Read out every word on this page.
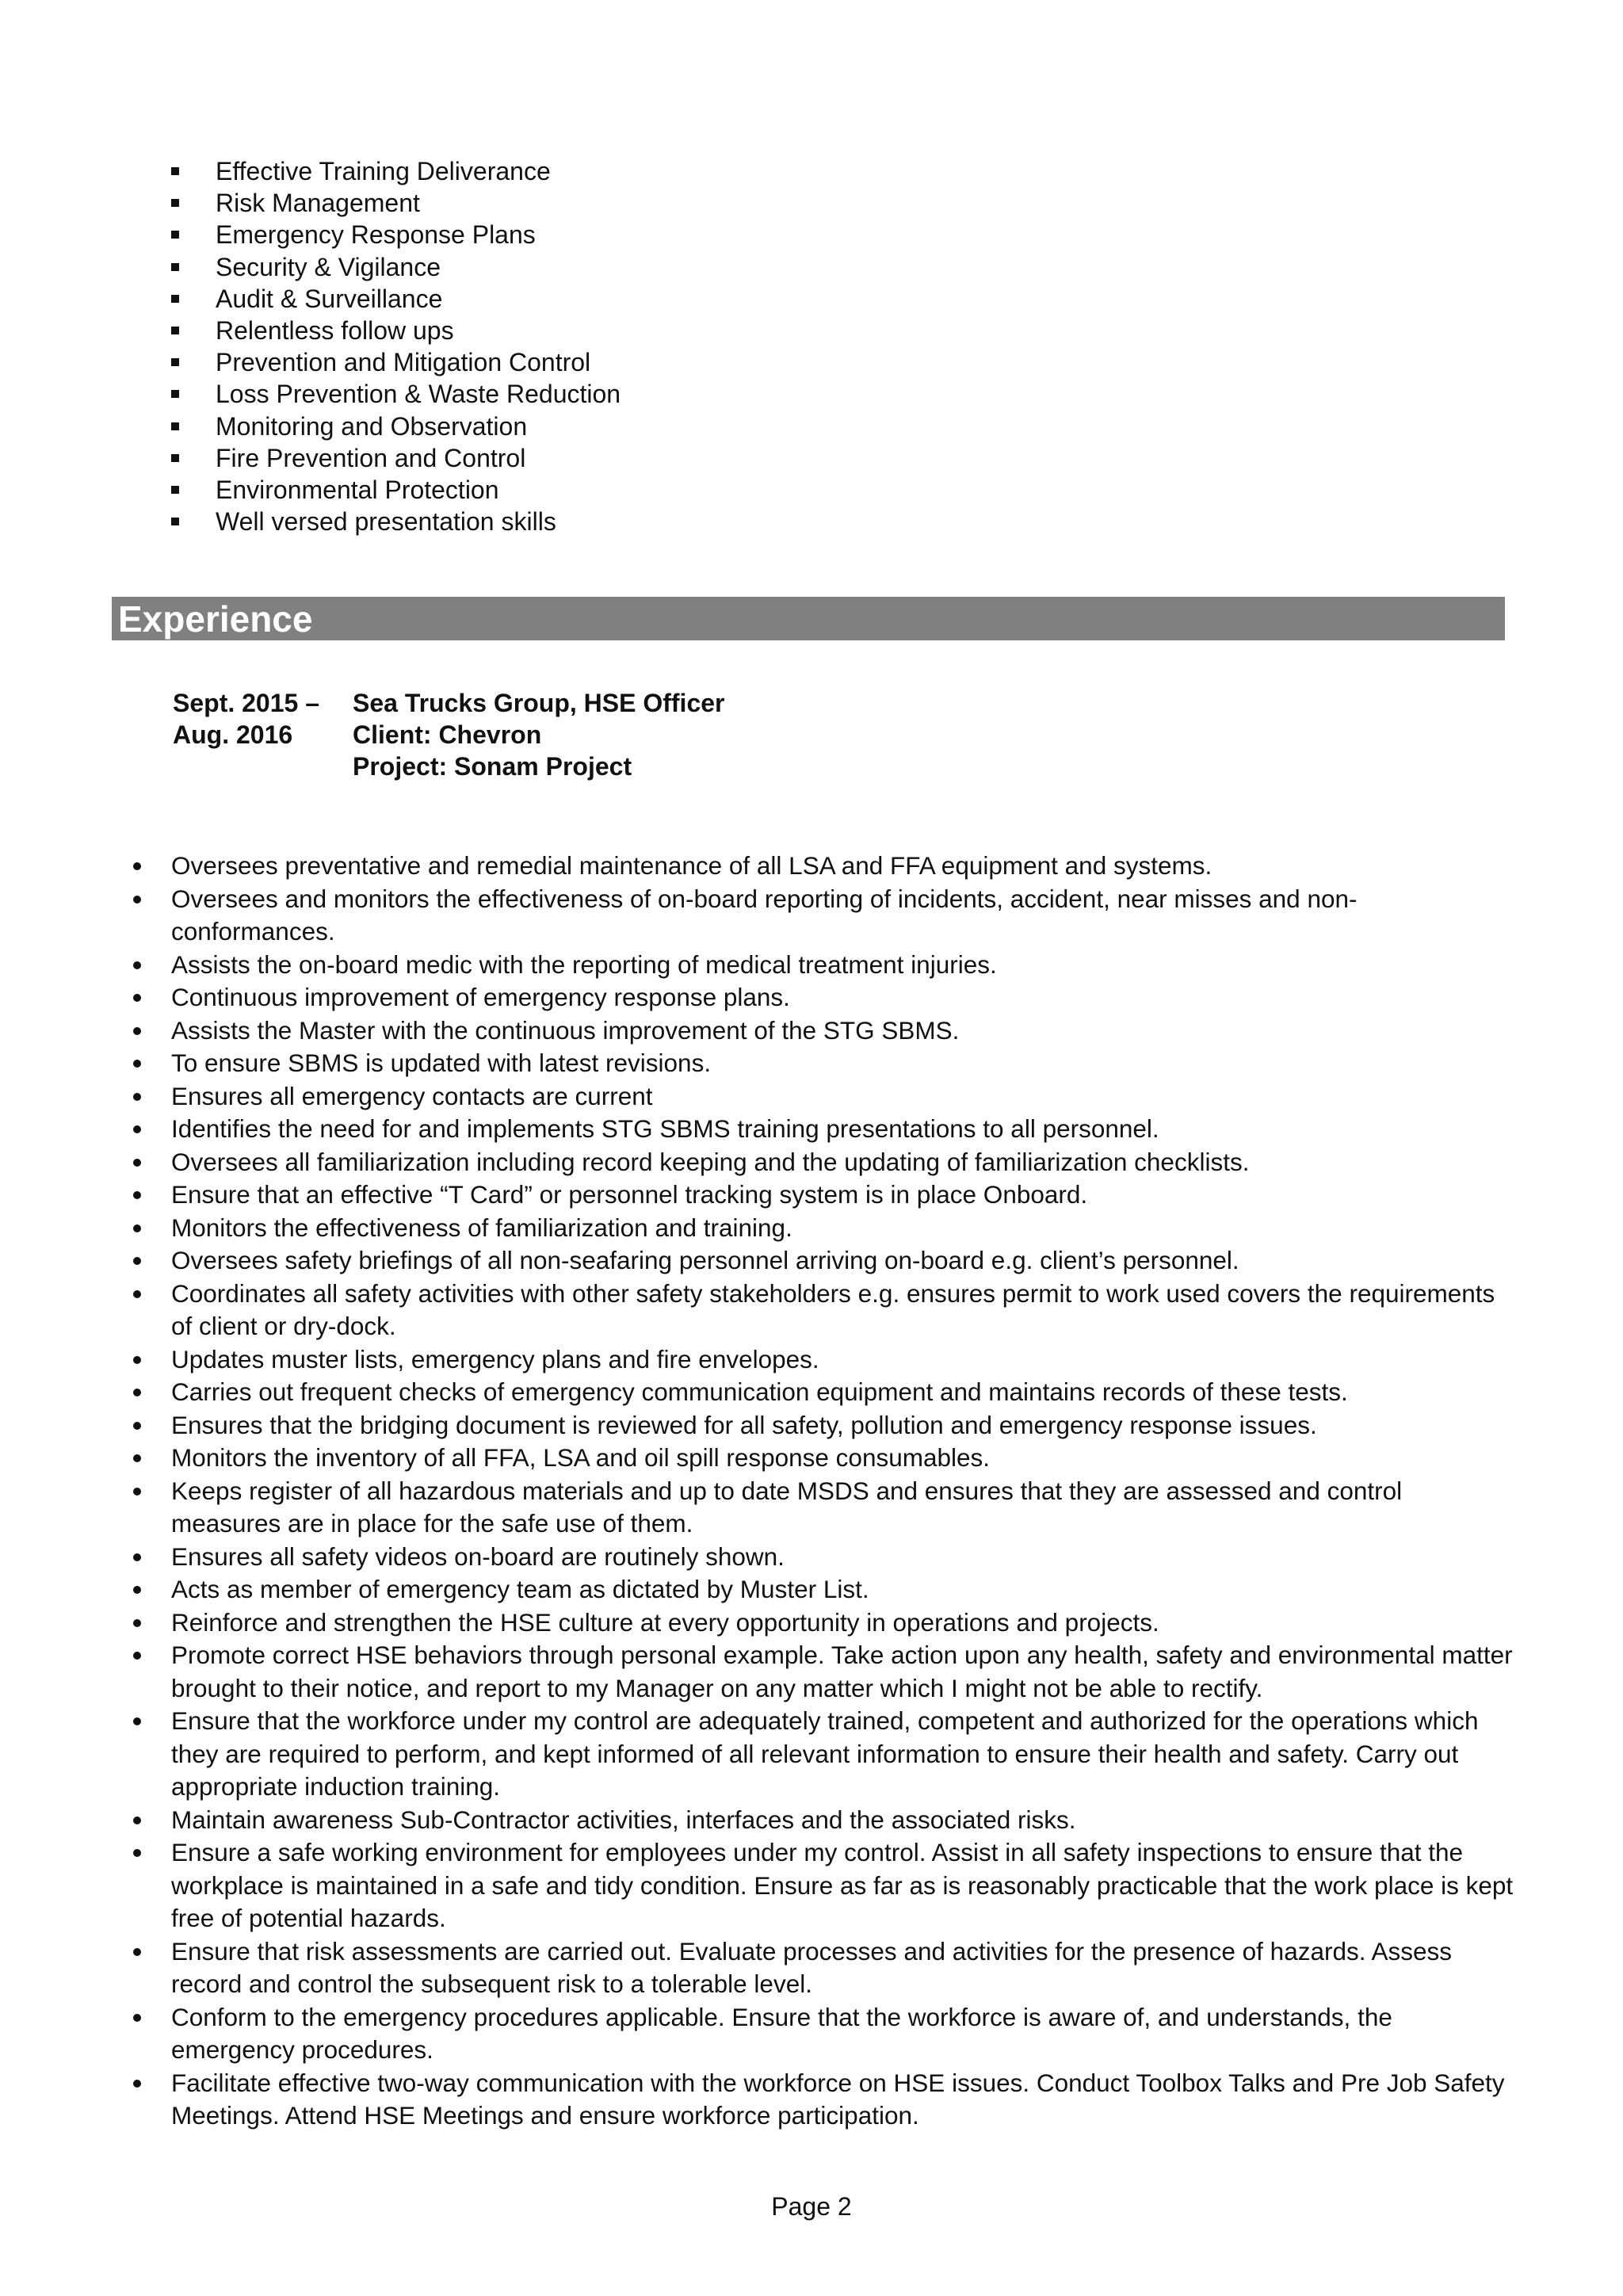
Effective Training Deliverance
Risk Management
Emergency Response Plans
Security & Vigilance
Audit & Surveillance
Relentless follow ups
Prevention and Mitigation Control
Loss Prevention & Waste Reduction
Monitoring and Observation
Fire Prevention and Control
Environmental Protection
Well versed presentation skills
Experience
Sept. 2015 –
Aug. 2016
Sea Trucks Group, HSE Officer
Client: Chevron
Project: Sonam Project
Oversees preventative and remedial maintenance of all LSA and FFA equipment and systems.
Oversees and monitors the effectiveness of on-board reporting of incidents, accident, near misses and non-conformances.
Assists the on-board medic with the reporting of medical treatment injuries.
Continuous improvement of emergency response plans.
Assists the Master with the continuous improvement of the STG SBMS.
To ensure SBMS is updated with latest revisions.
Ensures all emergency contacts are current
Identifies the need for and implements STG SBMS training presentations to all personnel.
Oversees all familiarization including record keeping and the updating of familiarization checklists.
Ensure that an effective “T Card” or personnel tracking system is in place Onboard.
Monitors the effectiveness of familiarization and training.
Oversees safety briefings of all non-seafaring personnel arriving on-board e.g. client’s personnel.
Coordinates all safety activities with other safety stakeholders e.g. ensures permit to work used covers the requirements of client or dry-dock.
Updates muster lists, emergency plans and fire envelopes.
Carries out frequent checks of emergency communication equipment and maintains records of these tests.
Ensures that the bridging document is reviewed for all safety, pollution and emergency response issues.
Monitors the inventory of all FFA, LSA and oil spill response consumables.
Keeps register of all hazardous materials and up to date MSDS and ensures that they are assessed and control measures are in place for the safe use of them.
Ensures all safety videos on-board are routinely shown.
Acts as member of emergency team as dictated by Muster List.
Reinforce and strengthen the HSE culture at every opportunity in operations and projects.
Promote correct HSE behaviors through personal example. Take action upon any health, safety and environmental matter brought to their notice, and report to my Manager on any matter which I might not be able to rectify.
Ensure that the workforce under my control are adequately trained, competent and authorized for the operations which they are required to perform, and kept informed of all relevant information to ensure their health and safety. Carry out appropriate induction training.
Maintain awareness Sub-Contractor activities, interfaces and the associated risks.
Ensure a safe working environment for employees under my control. Assist in all safety inspections to ensure that the workplace is maintained in a safe and tidy condition. Ensure as far as is reasonably practicable that the work place is kept free of potential hazards.
Ensure that risk assessments are carried out. Evaluate processes and activities for the presence of hazards. Assess record and control the subsequent risk to a tolerable level.
Conform to the emergency procedures applicable. Ensure that the workforce is aware of, and understands, the emergency procedures.
Facilitate effective two-way communication with the workforce on HSE issues. Conduct Toolbox Talks and Pre Job Safety Meetings. Attend HSE Meetings and ensure workforce participation.
Page 2
